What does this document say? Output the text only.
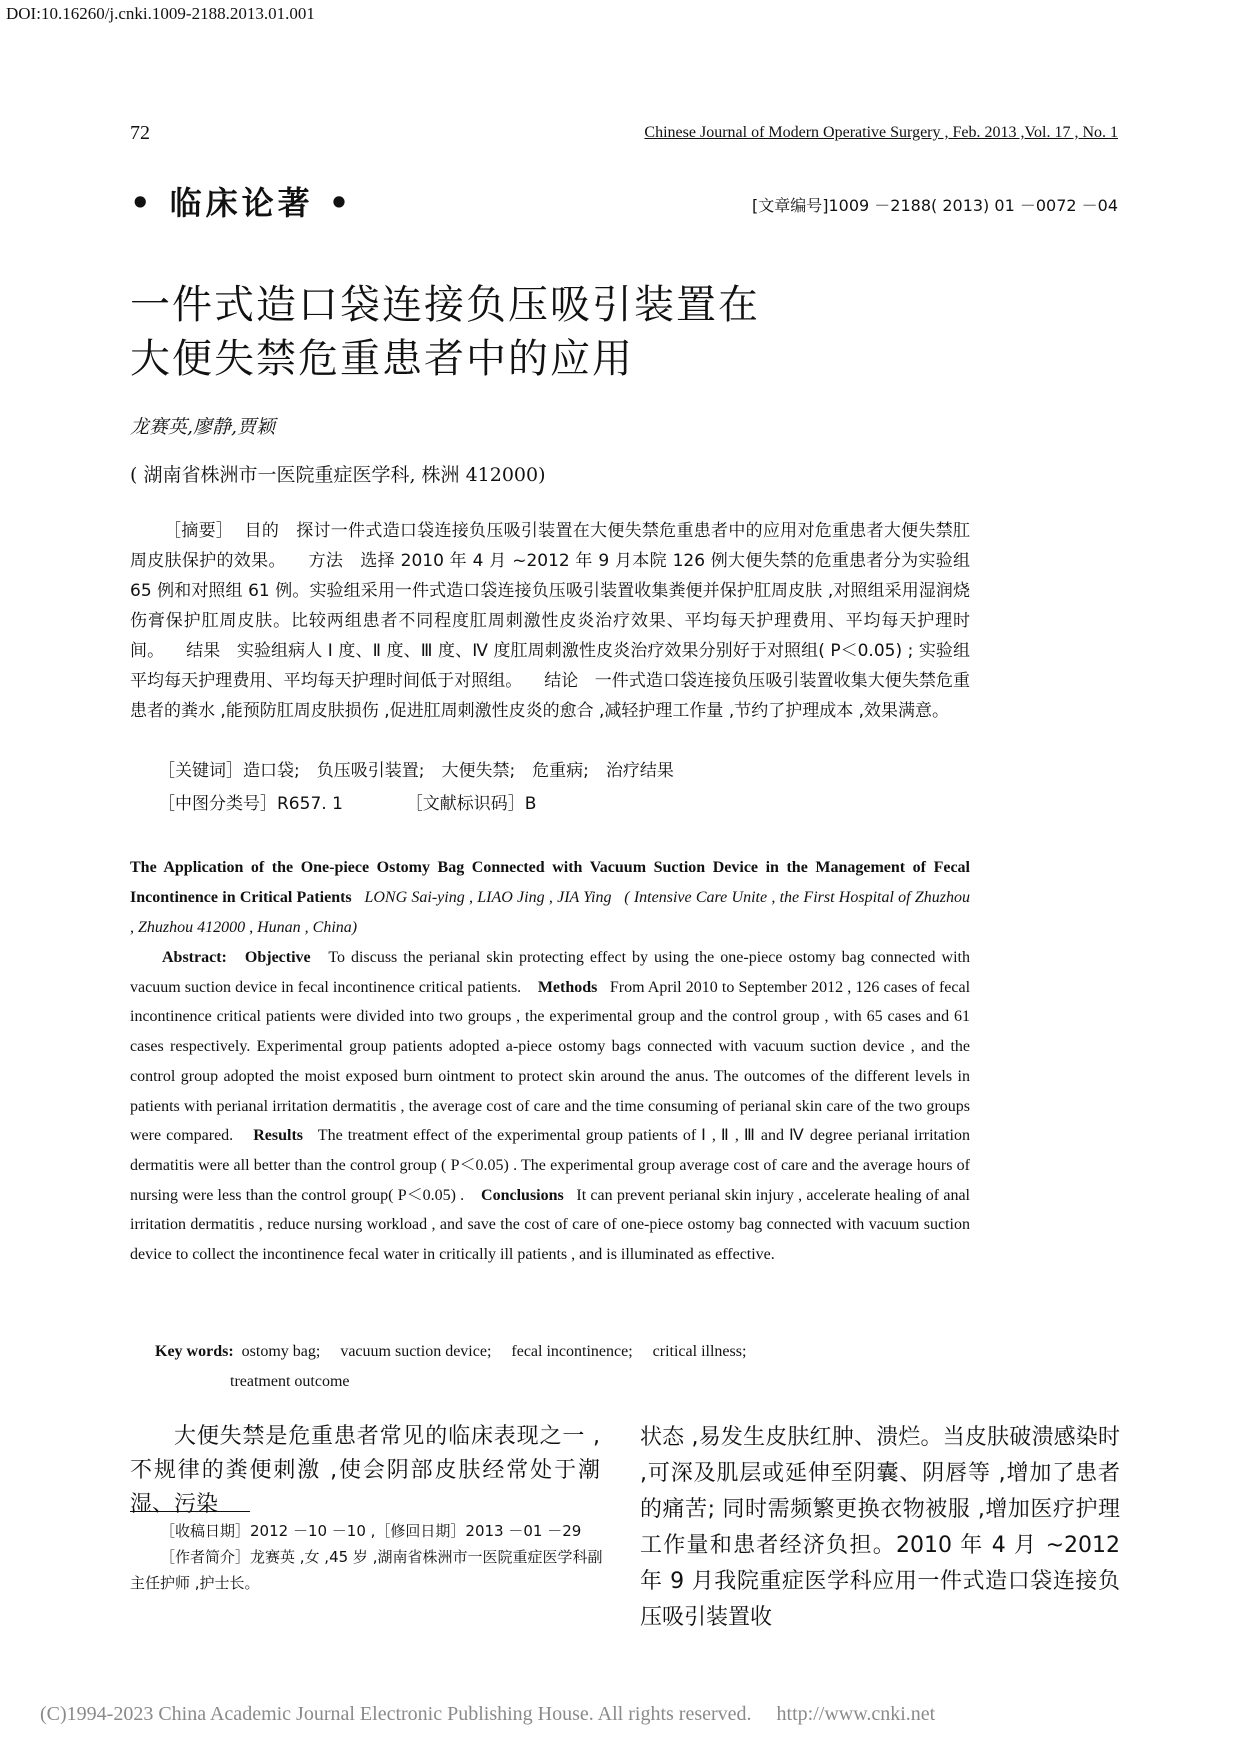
DOI:10.16260/j.cnki.1009-2188.2013.01.001
72	Chinese Journal of Modern Operative Surgery , Feb. 2013 ,Vol. 17 , No. 1
• 临床论著 •	[文章编号]1009 －2188( 2013) 01 －0072 －04
一件式造口袋连接负压吸引装置在
大便失禁危重患者中的应用
龙赛英,廖静,贾颖
( 湖南省株洲市一医院重症医学科, 株洲 412000)

［摘要］ 目的 探讨一件式造口袋连接负压吸引装置在大便失禁危重患者中的应用对危重患者大便失禁肛周皮肤保护的效果。 方法 选择 2010 年 4 月 ~2012 年 9 月本院 126 例大便失禁的危重患者分为实验组 65 例和对照组 61 例。实验组采用一件式造口袋连接负压吸引装置收集粪便并保护肛周皮肤 ,对照组采用湿润烧伤膏保护肛周皮肤。比较两组患者不同程度肛周刺激性皮炎治疗效果、平均每天护理费用、平均每天护理时间。 结果 实验组病人 Ⅰ 度、Ⅱ 度、Ⅲ 度、Ⅳ 度肛周刺激性皮炎治疗效果分别好于对照组( P＜0.05) ; 实验组平均每天护理费用、平均每天护理时间低于对照组。 结论 一件式造口袋连接负压吸引装置收集大便失禁危重患者的粪水 ,能预防肛周皮肤损伤 ,促进肛周刺激性皮炎的愈合 ,减轻护理工作量 ,节约了护理成本 ,效果满意。

［关键词］造口袋;　负压吸引装置;　大便失禁;　危重病;　治疗结果
［中图分类号］R657. 1	［文献标识码］B
The Application of the One-piece Ostomy Bag Connected with Vacuum Suction Device in the Management of Fecal Incontinence in Critical Patients LONG Sai-ying , LIAO Jing , JIA Ying ( Intensive Care Unite , the First Hospital of Zhuzhou , Zhuzhou 412000 , Hunan , China)

Abstract: Objective To discuss the perianal skin protecting effect by using the one-piece ostomy bag connected with vacuum suction device in fecal incontinence critical patients. Methods From April 2010 to September 2012 , 126 cases of fecal incontinence critical patients were divided into two groups , the experimental group and the control group , with 65 cases and 61 cases respectively. Experimental group patients adopted a-piece ostomy bags connected with vacuum suction device , and the control group adopted the moist exposed burn ointment to protect skin around the anus. The outcomes of the different levels in patients with perianal irritation dermatitis , the average cost of care and the time consuming of perianal skin care of the two groups were compared. Results The treatment effect of the experimental group patients of Ⅰ , Ⅱ , Ⅲ and Ⅳ degree perianal irritation dermatitis were all better than the control group ( P＜0.05) . The experimental group average cost of care and the average hours of nursing were less than the control group( P＜0.05) . Conclusions It can prevent perianal skin injury , accelerate healing of anal irritation dermatitis , reduce nursing workload , and save the cost of care of one-piece ostomy bag connected with vacuum suction device to collect the incontinence fecal water in critically ill patients , and is illuminated as effective.

Key words: ostomy bag;　 vacuum suction device;　 fecal incontinence;　 critical illness;
treatment outcome
大便失禁是危重患者常见的临床表现之一 ,不规律的粪便刺激 ,使会阴部皮肤经常处于潮湿、污染
状态 ,易发生皮肤红肿、溃烂。当皮肤破溃感染时 ,可深及肌层或延伸至阴囊、阴唇等 ,增加了患者的痛苦; 同时需频繁更换衣物被服 ,增加医疗护理工作量和患者经济负担。2010 年 4 月 ~2012 年 9 月我院重症医学科应用一件式造口袋连接负压吸引装置收

［收稿日期］2012 －10 －10 ,［修回日期］2013 －01 －29

［作者简介］龙赛英 ,女 ,45 岁 ,湖南省株洲市一医院重症医学科副主任护师 ,护士长。

(C)1994-2023 China Academic Journal Electronic Publishing House. All rights reserved.　 http://www.cnki.net
